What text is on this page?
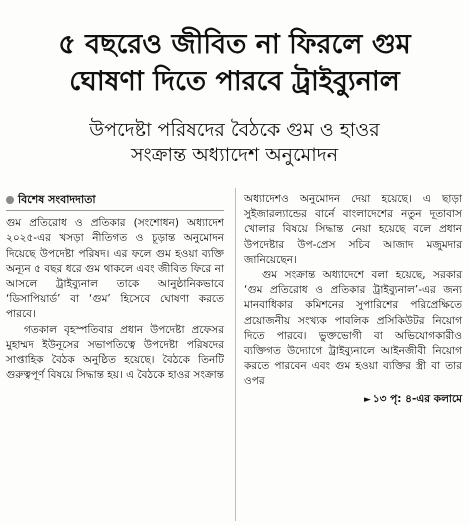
৫ বছরেও জীবিত না ফিরলে গুম
ঘোষণা দিতে পারবে ট্রাইব্যুনাল
উপদেষ্টা পরিষদের বৈঠকে গুম ও হাওর
সংক্রান্ত অধ্যাদেশ অনুমোদন
বিশেষ সংবাদদাতা

গুম প্রতিরোধ ও প্রতিকার (সংশোধন) অধ্যাদেশ ২০২৫-এর খসড়া নীতিগত ও চূড়ান্ত অনুমোদন দিয়েছে উপদেষ্টা পরিষদ। এর ফলে গুম হওয়া ব্যক্তি অন্যূন ৫ বছর ধরে গুম থাকলে এবং জীবিত ফিরে না আসলে ট্রাইব্যুনাল তাকে আনুষ্ঠানিকভাবে ‘ডিসাপিয়ার্ড’ বা ‘গুম’ হিসেবে ঘোষণা করতে পারবে।

গতকাল বৃহস্পতিবার প্রধান উপদেষ্টা প্রফেসর মুহাম্মদ ইউনূসের সভাপতিত্বে উপদেষ্টা পরিষদের সাপ্তাহিক বৈঠক অনুষ্ঠিত হয়েছে। বৈঠকে তিনটি গুরুত্বপূর্ণ বিষয়ে সিদ্ধান্ত হয়। এ বৈঠকে হাওর সংক্রান্ত

অধ্যাদেশও অনুমোদন দেয়া হয়েছে। এ ছাড়া সুইজারল্যান্ডের বার্নে বাংলাদেশের নতুন দূতাবাস খোলার বিষয়ে সিদ্ধান্ত নেয়া হয়েছে বলে প্রধান উপদেষ্টার উপ-প্রেস সচিব আজাদ মজুমদার জানিয়েছেন।

গুম সংক্রান্ত অধ্যাদেশে বলা হয়েছে, সরকার ‘গুম প্রতিরোধ ও প্রতিকার ট্রাইব্যুনাল’-এর জন্য মানবাধিকার কমিশনের সুপারিশের পরিপ্রেক্ষিতে প্রয়োজনীয় সংখ্যক পাবলিক প্রসিকিউটর নিয়োগ দিতে পারবে। ভুক্তভোগী বা অভিযোগকারীও ব্যক্তিগত উদ্যোগে ট্রাইব্যুনালে আইনজীবী নিয়োগ করতে পারবেন এবং গুম হওয়া ব্যক্তির স্ত্রী বা তার ওপর

► ১৩ পৃ: ৪-এর কলামে
